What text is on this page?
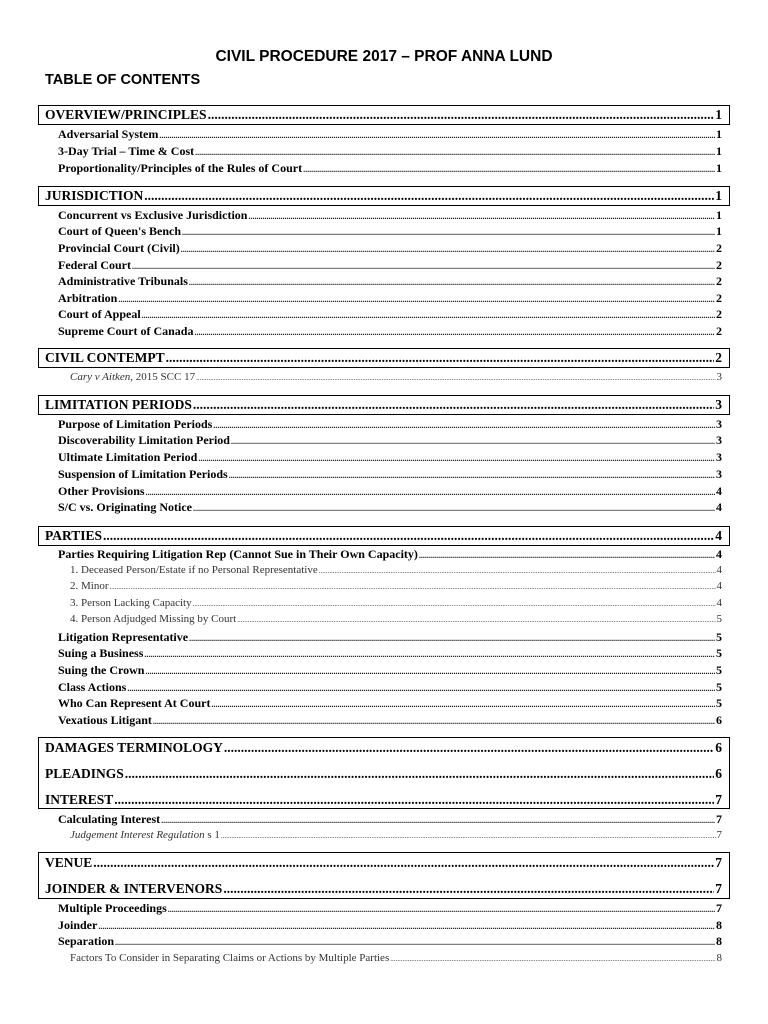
CIVIL PROCEDURE 2017 – PROF ANNA LUND
TABLE OF CONTENTS
OVERVIEW/PRINCIPLES .....	1
Adversarial System .....	1
3-Day Trial – Time & Cost .....	1
Proportionality/Principles of the Rules of Court .....	1
JURISDICTION .....	1
Concurrent vs Exclusive Jurisdiction .....	1
Court of Queen's Bench .....	1
Provincial Court (Civil) .....	2
Federal Court .....	2
Administrative Tribunals .....	2
Arbitration .....	2
Court of Appeal .....	2
Supreme Court of Canada .....	2
CIVIL CONTEMPT .....	2
Cary v Aitken, 2015 SCC 17 .....	3
LIMITATION PERIODS .....	3
Purpose of Limitation Periods .....	3
Discoverability Limitation Period .....	3
Ultimate Limitation Period .....	3
Suspension of Limitation Periods .....	3
Other Provisions .....	4
S/C vs. Originating Notice .....	4
PARTIES .....	4
Parties Requiring Litigation Rep (Cannot Sue in Their Own Capacity) .....	4
1. Deceased Person/Estate if no Personal Representative .....	4
2. Minor .....	4
3. Person Lacking Capacity .....	4
4. Person Adjudged Missing by Court .....	5
Litigation Representative .....	5
Suing a Business .....	5
Suing the Crown .....	5
Class Actions .....	5
Who Can Represent At Court .....	5
Vexatious Litigant .....	6
DAMAGES TERMINOLOGY .....	6
PLEADINGS .....	6
INTEREST .....	7
Calculating Interest .....	7
Judgement Interest Regulation s 1 .....	7
VENUE .....	7
JOINDER & INTERVENORS .....	7
Multiple Proceedings .....	7
Joinder .....	8
Separation .....	8
Factors To Consider in Separating Claims or Actions by Multiple Parties .....	8
